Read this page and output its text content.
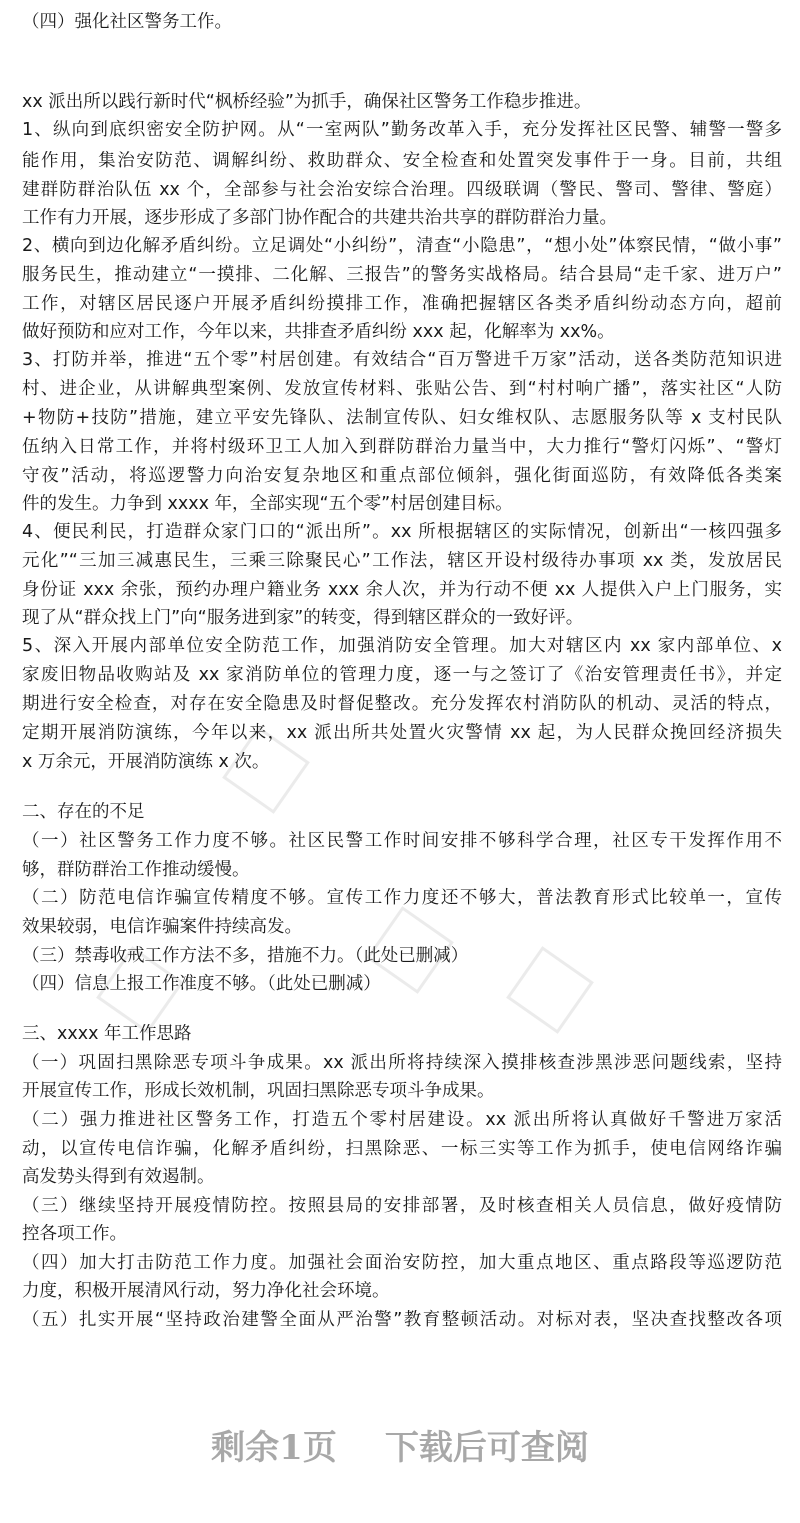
（四）强化社区警务工作。
xx 派出所以践行新时代“枫桥经验”为抓手，确保社区警务工作稳步推进。
1、纵向到底织密安全防护网。从“一室两队”勤务改革入手，充分发挥社区民警、辅警一警多
能作用，集治安防范、调解纠纷、救助群众、安全检查和处置突发事件于一身。目前，共组
建群防群治队伍 xx 个，全部参与社会治安综合治理。四级联调（警民、警司、警律、警庭）
工作有力开展，逐步形成了多部门协作配合的共建共治共享的群防群治力量。
2、横向到边化解矛盾纠纷。立足调处“小纠纷”，清查“小隐患”，“想小处”体察民情，“做小事”
服务民生，推动建立“一摸排、二化解、三报告”的警务实战格局。结合县局“走千家、进万户”
工作，对辖区居民逐户开展矛盾纠纷摸排工作，准确把握辖区各类矛盾纠纷动态方向，超前
做好预防和应对工作，今年以来，共排查矛盾纠纷 xxx 起，化解率为 xx%。
3、打防并举，推进“五个零”村居创建。有效结合“百万警进千万家”活动，送各类防范知识进
村、进企业，从讲解典型案例、发放宣传材料、张贴公告、到“村村响广播”，落实社区“人防
+物防+技防”措施，建立平安先锋队、法制宣传队、妇女维权队、志愿服务队等 x 支村民队
伍纳入日常工作，并将村级环卫工人加入到群防群治力量当中，大力推行“警灯闪烁”、“警灯
守夜”活动，将巡逻警力向治安复杂地区和重点部位倾斜，强化街面巡防，有效降低各类案
件的发生。力争到 xxxx 年，全部实现“五个零”村居创建目标。
4、便民利民，打造群众家门口的“派出所”。xx 所根据辖区的实际情况，创新出“一核四强多
元化”“三加三减惠民生，三乘三除聚民心”工作法，辖区开设村级待办事项 xx 类，发放居民
身份证 xxx 余张，预约办理户籍业务 xxx 余人次，并为行动不便 xx 人提供入户上门服务，实
现了从“群众找上门”向“服务进到家”的转变，得到辖区群众的一致好评。
5、深入开展内部单位安全防范工作，加强消防安全管理。加大对辖区内 xx 家内部单位、x
家废旧物品收购站及 xx 家消防单位的管理力度，逐一与之签订了《治安管理责任书》，并定
期进行安全检查，对存在安全隐患及时督促整改。充分发挥农村消防队的机动、灵活的特点，
定期开展消防演练，今年以来，xx 派出所共处置火灾警情 xx 起，为人民群众挽回经济损失
x 万余元，开展消防演练 x 次。
二、存在的不足
（一）社区警务工作力度不够。社区民警工作时间安排不够科学合理，社区专干发挥作用不
够，群防群治工作推动缓慢。
（二）防范电信诈骗宣传精度不够。宣传工作力度还不够大，普法教育形式比较单一，宣传
效果较弱，电信诈骗案件持续高发。
（三）禁毒收戒工作方法不多，措施不力。（此处已删减）
（四）信息上报工作准度不够。（此处已删减）
三、xxxx 年工作思路
（一）巩固扫黑除恶专项斗争成果。xx 派出所将持续深入摸排核查涉黑涉恶问题线索，坚持
开展宣传工作，形成长效机制，巩固扫黑除恶专项斗争成果。
（二）强力推进社区警务工作，打造五个零村居建设。xx 派出所将认真做好千警进万家活
动，以宣传电信诈骗，化解矛盾纠纷，扫黑除恶、一标三实等工作为抓手，使电信网络诈骗
高发势头得到有效遏制。
（三）继续坚持开展疫情防控。按照县局的安排部署，及时核查相关人员信息，做好疫情防
控各项工作。
（四）加大打击防范工作力度。加强社会面治安防控，加大重点地区、重点路段等巡逻防范
力度，积极开展清风行动，努力净化社会环境。
（五）扎实开展“坚持政治建警全面从严治警”教育整顿活动。对标对表，坚决查找整改各项
剩余1页 下载后可查阅
